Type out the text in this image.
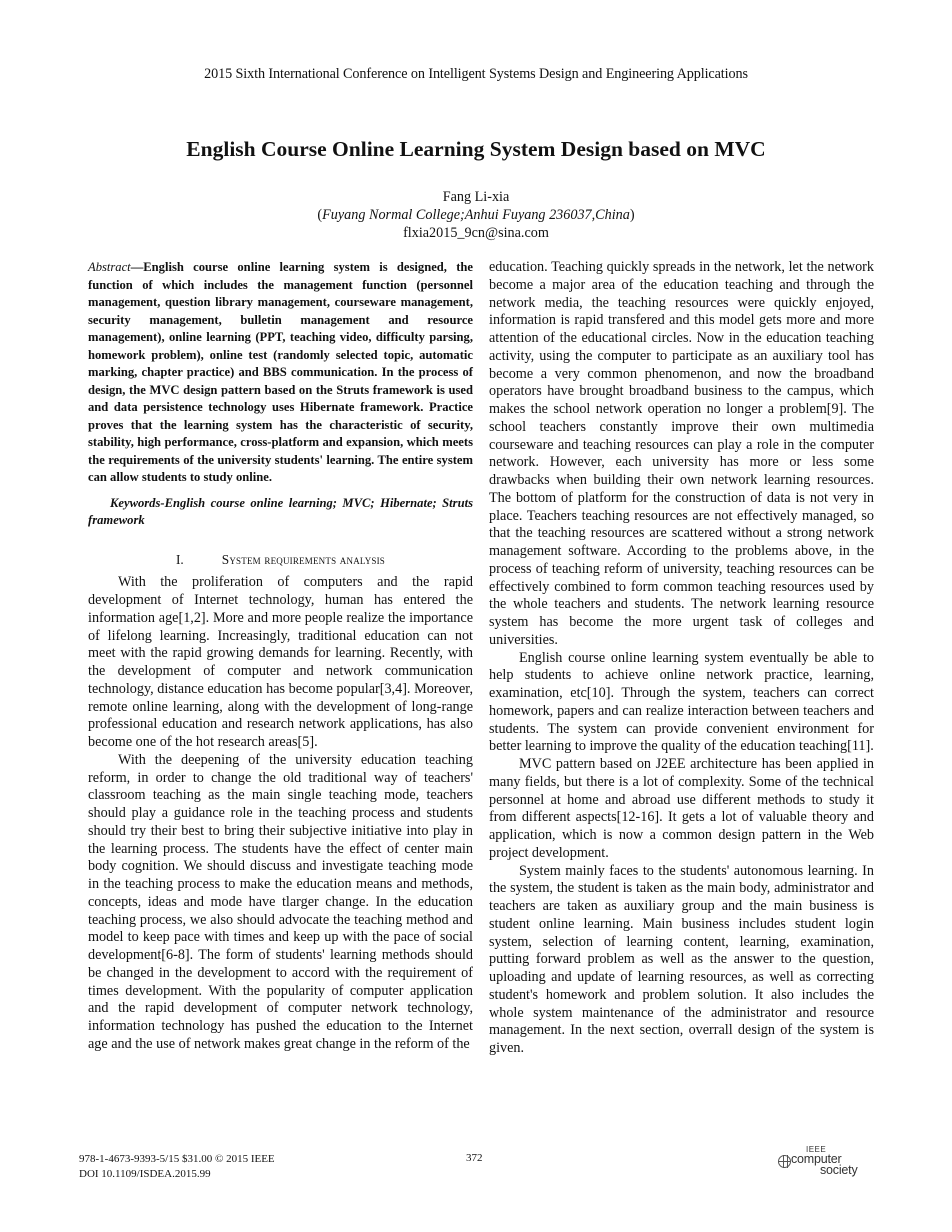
2015 Sixth International Conference on Intelligent Systems Design and Engineering Applications
English Course Online Learning System Design based on MVC
Fang Li-xia
(Fuyang Normal College;Anhui Fuyang 236037,China)
flxia2015_9cn@sina.com

Abstract—English course online learning system is designed, the function of which includes the management function (personnel management, question library management, courseware management, security management, bulletin management and resource management), online learning (PPT, teaching video, difficulty parsing, homework problem), online test (randomly selected topic, automatic marking, chapter practice) and BBS communication. In the process of design, the MVC design pattern based on the Struts framework is used and data persistence technology uses Hibernate framework. Practice proves that the learning system has the characteristic of security, stability, high performance, cross-platform and expansion, which meets the requirements of the university students' learning. The entire system can allow students to study online.

Keywords-English course online learning; MVC; Hibernate; Struts framework

I.	System requirements analysis

With the proliferation of computers and the rapid development of Internet technology, human has entered the information age[1,2]. More and more people realize the importance of lifelong learning. Increasingly, traditional education can not meet with the rapid growing demands for learning. Recently, with the development of computer and network communication technology, distance education has become popular[3,4]. Moreover, remote online learning, along with the development of long-range professional education and research network applications, has also become one of the hot research areas[5].

With the deepening of the university education teaching reform, in order to change the old traditional way of teachers' classroom teaching as the main single teaching mode, teachers should play a guidance role in the teaching process and students should try their best to bring their subjective initiative into play in the learning process. The students have the effect of center main body cognition. We should discuss and investigate teaching mode in the teaching process to make the education means and methods, concepts, ideas and mode have tlarger change. In the education teaching process, we also should advocate the teaching method and model to keep pace with times and keep up with the pace of social development[6-8]. The form of students' learning methods should be changed in the development to accord with the requirement of times development. With the popularity of computer application and the rapid development of computer network technology, information technology has pushed the education to the Internet age and the use of network makes great change in the reform of the

education. Teaching quickly spreads in the network, let the network become a major area of the education teaching and through the network media, the teaching resources were quickly enjoyed, information is rapid transfered and this model gets more and more attention of the educational circles. Now in the education teaching activity, using the computer to participate as an auxiliary tool has become a very common phenomenon, and now the broadband operators have brought broadband business to the campus, which makes the school network operation no longer a problem[9]. The school teachers constantly improve their own multimedia courseware and teaching resources can play a role in the computer network. However, each university has more or less some drawbacks when building their own network learning resources. The bottom of platform for the construction of data is not very in place. Teachers teaching resources are not effectively managed, so that the teaching resources are scattered without a strong network management software. According to the problems above, in the process of teaching reform of university, teaching resources can be effectively combined to form common teaching resources used by the whole teachers and students. The network learning resource system has become the more urgent task of colleges and universities.

English course online learning system eventually be able to help students to achieve online network practice, learning, examination, etc[10]. Through the system, teachers can correct homework, papers and can realize interaction between teachers and students. The system can provide convenient environment for better learning to improve the quality of the education teaching[11].

MVC pattern based on J2EE architecture has been applied in many fields, but there is a lot of complexity. Some of the technical personnel at home and abroad use different methods to study it from different aspects[12-16]. It gets a lot of valuable theory and application, which is now a common design pattern in the Web project development.

System mainly faces to the students' autonomous learning. In the system, the student is taken as the main body, administrator and teachers are taken as auxiliary group and the main business is student online learning. Main business includes student login system, selection of learning content, learning, examination, putting forward problem as well as the answer to the question, uploading and update of learning resources, as well as correcting student's homework and problem solution. It also includes the whole system maintenance of the administrator and resource management. In the next section, overrall design of the system is given.

978-1-4673-9393-5/15 $31.00 © 2015 IEEE
DOI 10.1109/ISDEA.2015.99
372
IEEE
computer
society
